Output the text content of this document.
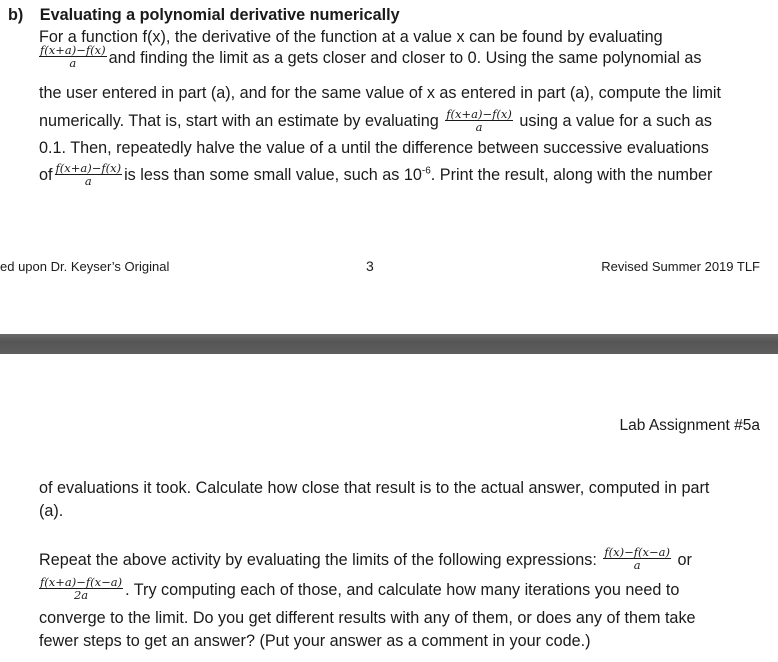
b) Evaluating a polynomial derivative numerically
For a function f(x), the derivative of the function at a value x can be found by evaluating
$\frac{f(x+a)-f(x)}{a}$ and finding the limit as a gets closer and closer to 0. Using the same polynomial as
the user entered in part (a), and for the same value of x as entered in part (a), compute the limit
numerically. That is, start with an estimate by evaluating $\frac{f(x+a)-f(x)}{a}$ using a value for a such as
0.1. Then, repeatedly halve the value of a until the difference between successive evaluations
of $\frac{f(x+a)-f(x)}{a}$ is less than some small value, such as $10^{-6}$. Print the result, along with the number
ed upon Dr. Keyser’s Original	3	Revised Summer 2019 TLF
Lab Assignment #5a
of evaluations it took. Calculate how close that result is to the actual answer, computed in part
(a).
Repeat the above activity by evaluating the limits of the following expressions: $\frac{f(x)-f(x-a)}{a}$ or
$\frac{f(x+a)-f(x-a)}{2a}$ . Try computing each of those, and calculate how many iterations you need to
converge to the limit. Do you get different results with any of them, or does any of them take
fewer steps to get an answer? (Put your answer as a comment in your code.)
